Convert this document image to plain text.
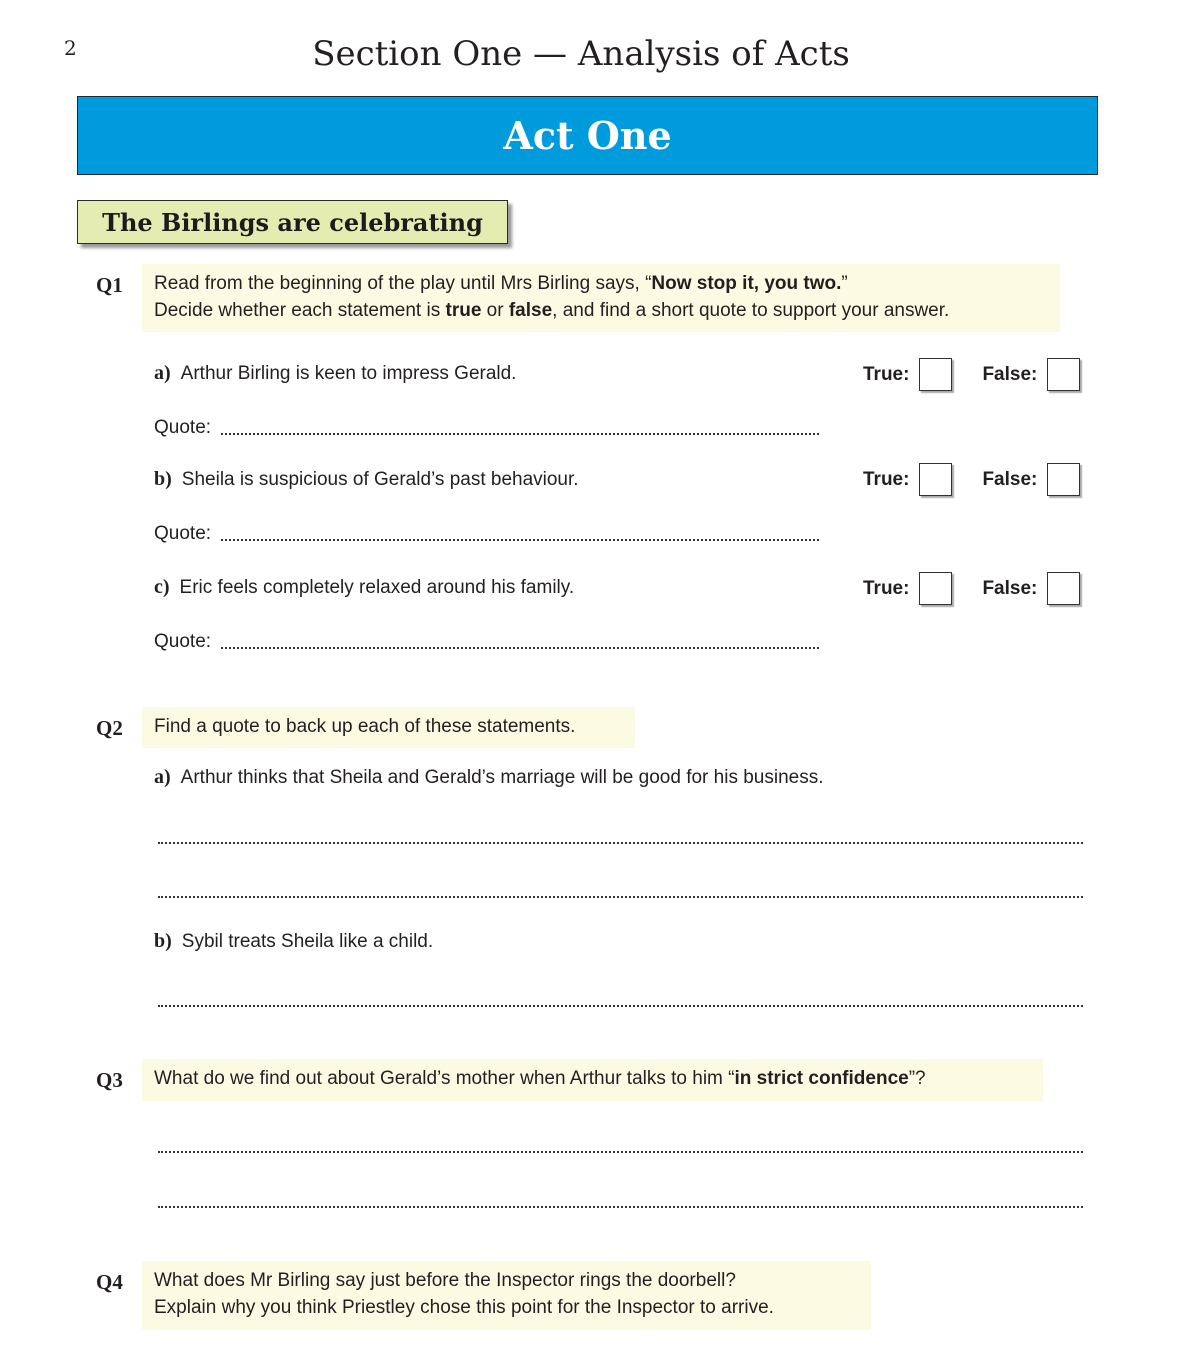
2	Section One — Analysis of Acts
Act One
The Birlings are celebrating
Q1 Read from the beginning of the play until Mrs Birling says, “Now stop it, you two.”
Decide whether each statement is true or false, and find a short quote to support your answer.
a) Arthur Birling is keen to impress Gerald.	True:	False:
Quote:
b) Sheila is suspicious of Gerald’s past behaviour.	True:	False:
Quote:
c) Eric feels completely relaxed around his family.	True:	False:
Quote:
Q2	Find a quote to back up each of these statements.
a) Arthur thinks that Sheila and Gerald’s marriage will be good for his business.
b) Sybil treats Sheila like a child.
Q3	What do we find out about Gerald’s mother when Arthur talks to him “in strict confidence”?
Q4 What does Mr Birling say just before the Inspector rings the doorbell?
Explain why you think Priestley chose this point for the Inspector to arrive.
